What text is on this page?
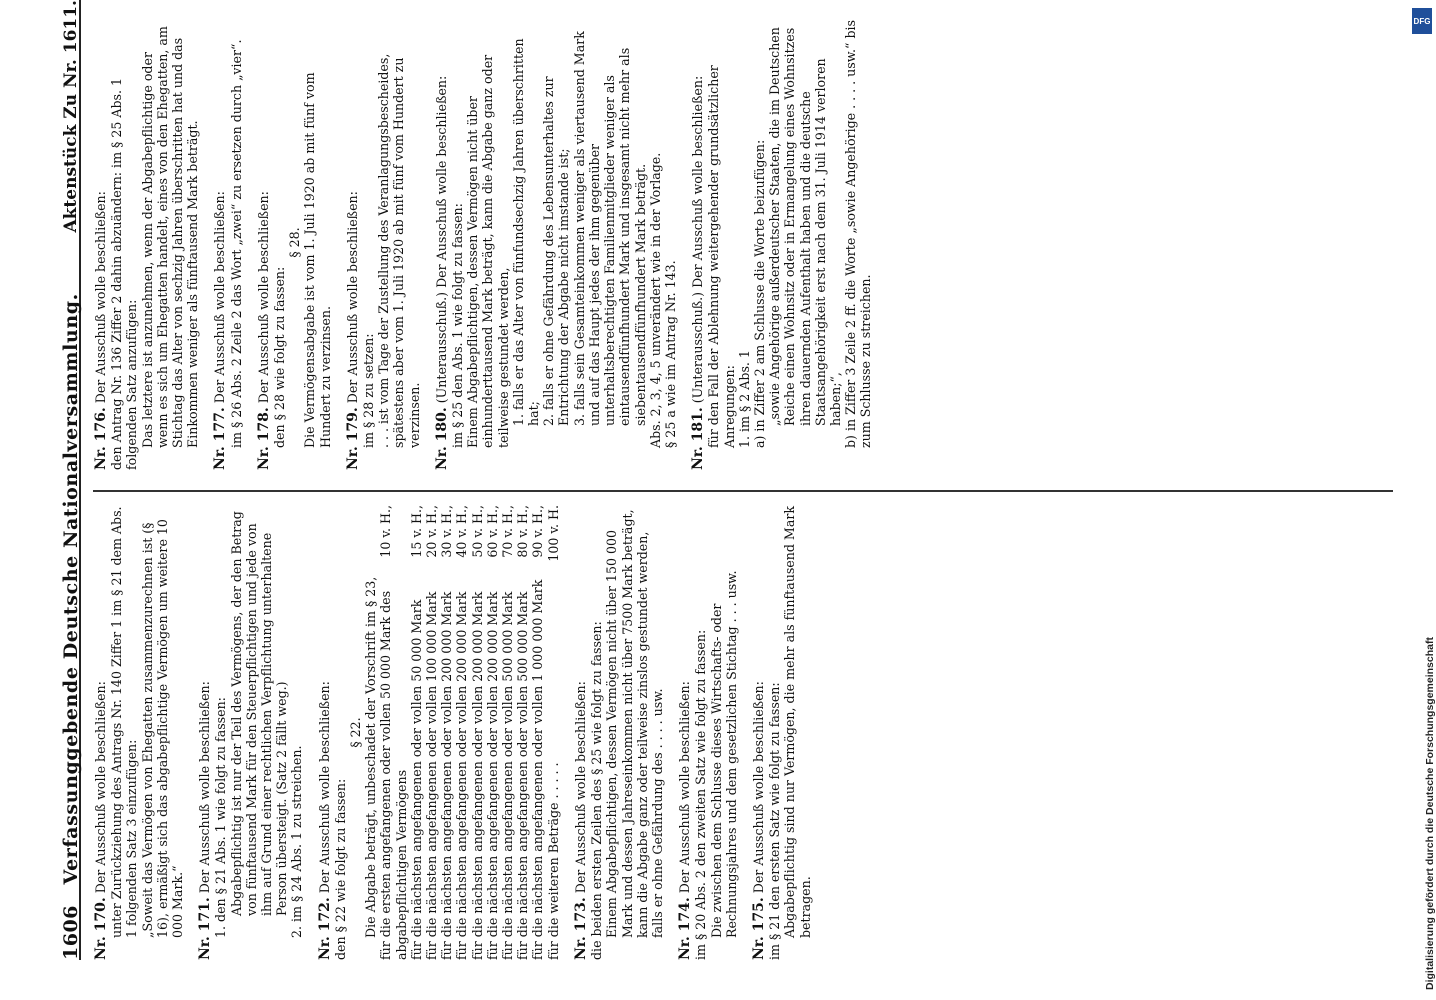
1606
Verfassunggebende Deutsche Nationalversammlung.
Aktenstück Zu Nr. 1611.
Nr. 170. Der Ausschuß wolle beschließen: unter Zurückziehung des Antrags Nr. 140 Ziffer 1 im § 21 dem Abs. 1 folgenden Satz 3 einzufügen: „Soweit das Vermögen von Ehegatten zusammenzurechnen ist (§ 16), ermäßigt sich das abgabepflichtige Vermögen um weitere 10 000 Mark.“ Nr. 171. Der Ausschuß wolle beschließen: 1. den § 21 Abs. 1 wie folgt zu fassen: Abgabepflichtig ist nur der Teil des Vermögens, der den Betrag von fünftausend Mark für den Steuerpflichtigen und jede von ihm auf Grund einer rechtlichen Verpflichtung unterhaltene Person übersteigt. (Satz 2 fällt weg.) 2. im § 24 Abs. 1 zu streichen. Nr. 172. Der Ausschuß wolle beschließen: den § 22 wie folgt zu fassen:
§ 22. Die Abgabe beträgt, unbeschadet der Vorschrift im § 23, für die ersten angefangenen oder vollen 50 000 Mark des abgabepflichtigen Vermögens
10 v. H.,
für die nächsten angefangenen oder vollen 50 000 Mark
15 v. H.,
für die nächsten angefangenen oder vollen 100 000 Mark
20 v. H.,
für die nächsten angefangenen oder vollen 200 000 Mark
30 v. H.,
für die nächsten angefangenen oder vollen 200 000 Mark
40 v. H.,
für die nächsten angefangenen oder vollen 200 000 Mark
50 v. H.,
für die nächsten angefangenen oder vollen 200 000 Mark
60 v. H.,
für die nächsten angefangenen oder vollen 500 000 Mark
70 v. H.,
für die nächsten angefangenen oder vollen 500 000 Mark
80 v. H.,
für die nächsten angefangenen oder vollen 1 000 000 Mark
90 v. H.,
für die weiteren Beträge . . . . .
100 v. H.
Nr. 173. Der Ausschuß wolle beschließen: die beiden ersten Zeilen des § 25 wie folgt zu fassen: Einem Abgabepflichtigen, dessen Vermögen nicht über 150 000 Mark und dessen Jahreseinkommen nicht über 7500 Mark beträgt, kann die Abgabe ganz oder teilweise zinslos gestundet werden, falls er ohne Gefährdung des . . . . usw. Nr. 174. Der Ausschuß wolle beschließen: im § 20 Abs. 2 den zweiten Satz wie folgt zu fassen: Die zwischen dem Schlusse dieses Wirtschafts- oder Rechnungsjahres und dem gesetzlichen Stichtag . . . usw. Nr. 175. Der Ausschuß wolle beschließen: im § 21 den ersten Satz wie folgt zu fassen: Abgabepflichtig sind nur Vermögen, die mehr als fünftausend Mark betragen.
Nr. 176. Der Ausschuß wolle beschließen: den Antrag Nr. 136 Ziffer 2 dahin abzuändern: im § 25 Abs. 1 folgenden Satz anzufügen: Das letztere ist anzunehmen, wenn der Abgabepflichtige oder wenn es sich um Ehegatten handelt, eines von den Ehegatten, am Stichtag das Alter von sechzig Jahren überschritten hat und das Einkommen weniger als fünftausend Mark beträgt. Nr. 177. Der Ausschuß wolle beschließen: im § 26 Abs. 2 Zeile 2 das Wort „zwei“ zu ersetzen durch „vier“. Nr. 178. Der Ausschuß wolle beschließen: den § 28 wie folgt zu fassen:
§ 28. Die Vermögensabgabe ist vom 1. Juli 1920 ab mit fünf vom Hundert zu verzinsen. Nr. 179. Der Ausschuß wolle beschließen: im § 28 zu setzen: . . . ist vom Tage der Zustellung des Veranlagungsbescheides, spätestens aber vom 1. Juli 1920 ab mit fünf vom Hundert zu verzinsen. Nr. 180. (Unterausschuß.) Der Ausschuß wolle beschließen: im § 25 den Abs. 1 wie folgt zu fassen: Einem Abgabepflichtigen, dessen Vermögen nicht über einhunderttausend Mark beträgt, kann die Abgabe ganz oder teilweise gestundet werden, 1. falls er das Alter von fünfundsechzig Jahren überschritten hat; 2. falls er ohne Gefährdung des Lebensunterhaltes zur Entrichtung der Abgabe nicht imstande ist; 3. falls sein Gesamteinkommen weniger als viertausend Mark und auf das Haupt jedes der ihm gegenüber unterhaltsberechtigten Familienmitglieder weniger als eintausendfünfhundert Mark und insgesamt nicht mehr als siebentausendfünfhundert Mark beträgt. Abs. 2, 3, 4, 5 unverändert wie in der Vorlage. § 25 a wie im Antrag Nr. 143. Nr. 181. (Unterausschuß.) Der Ausschuß wolle beschließen: für den Fall der Ablehnung weitergehender grundsätzlicher Anregungen: 1. im § 2 Abs. 1 a) in Ziffer 2 am Schlusse die Worte beizufügen: „sowie Angehörige außerdeutscher Staaten, die im Deutschen Reiche einen Wohnsitz oder in Ermangelung eines Wohnsitzes ihren dauernden Aufenthalt haben und die deutsche Staatsangehörigkeit erst nach dem 31. Juli 1914 verloren haben;“, b) in Ziffer 3 Zeile 2 ff. die Worte „sowie Angehörige . . . . usw.“ bis zum Schlusse zu streichen.
DFG
Digitalisierung gefördert durch die Deutsche Forschungsgemeinschaft
